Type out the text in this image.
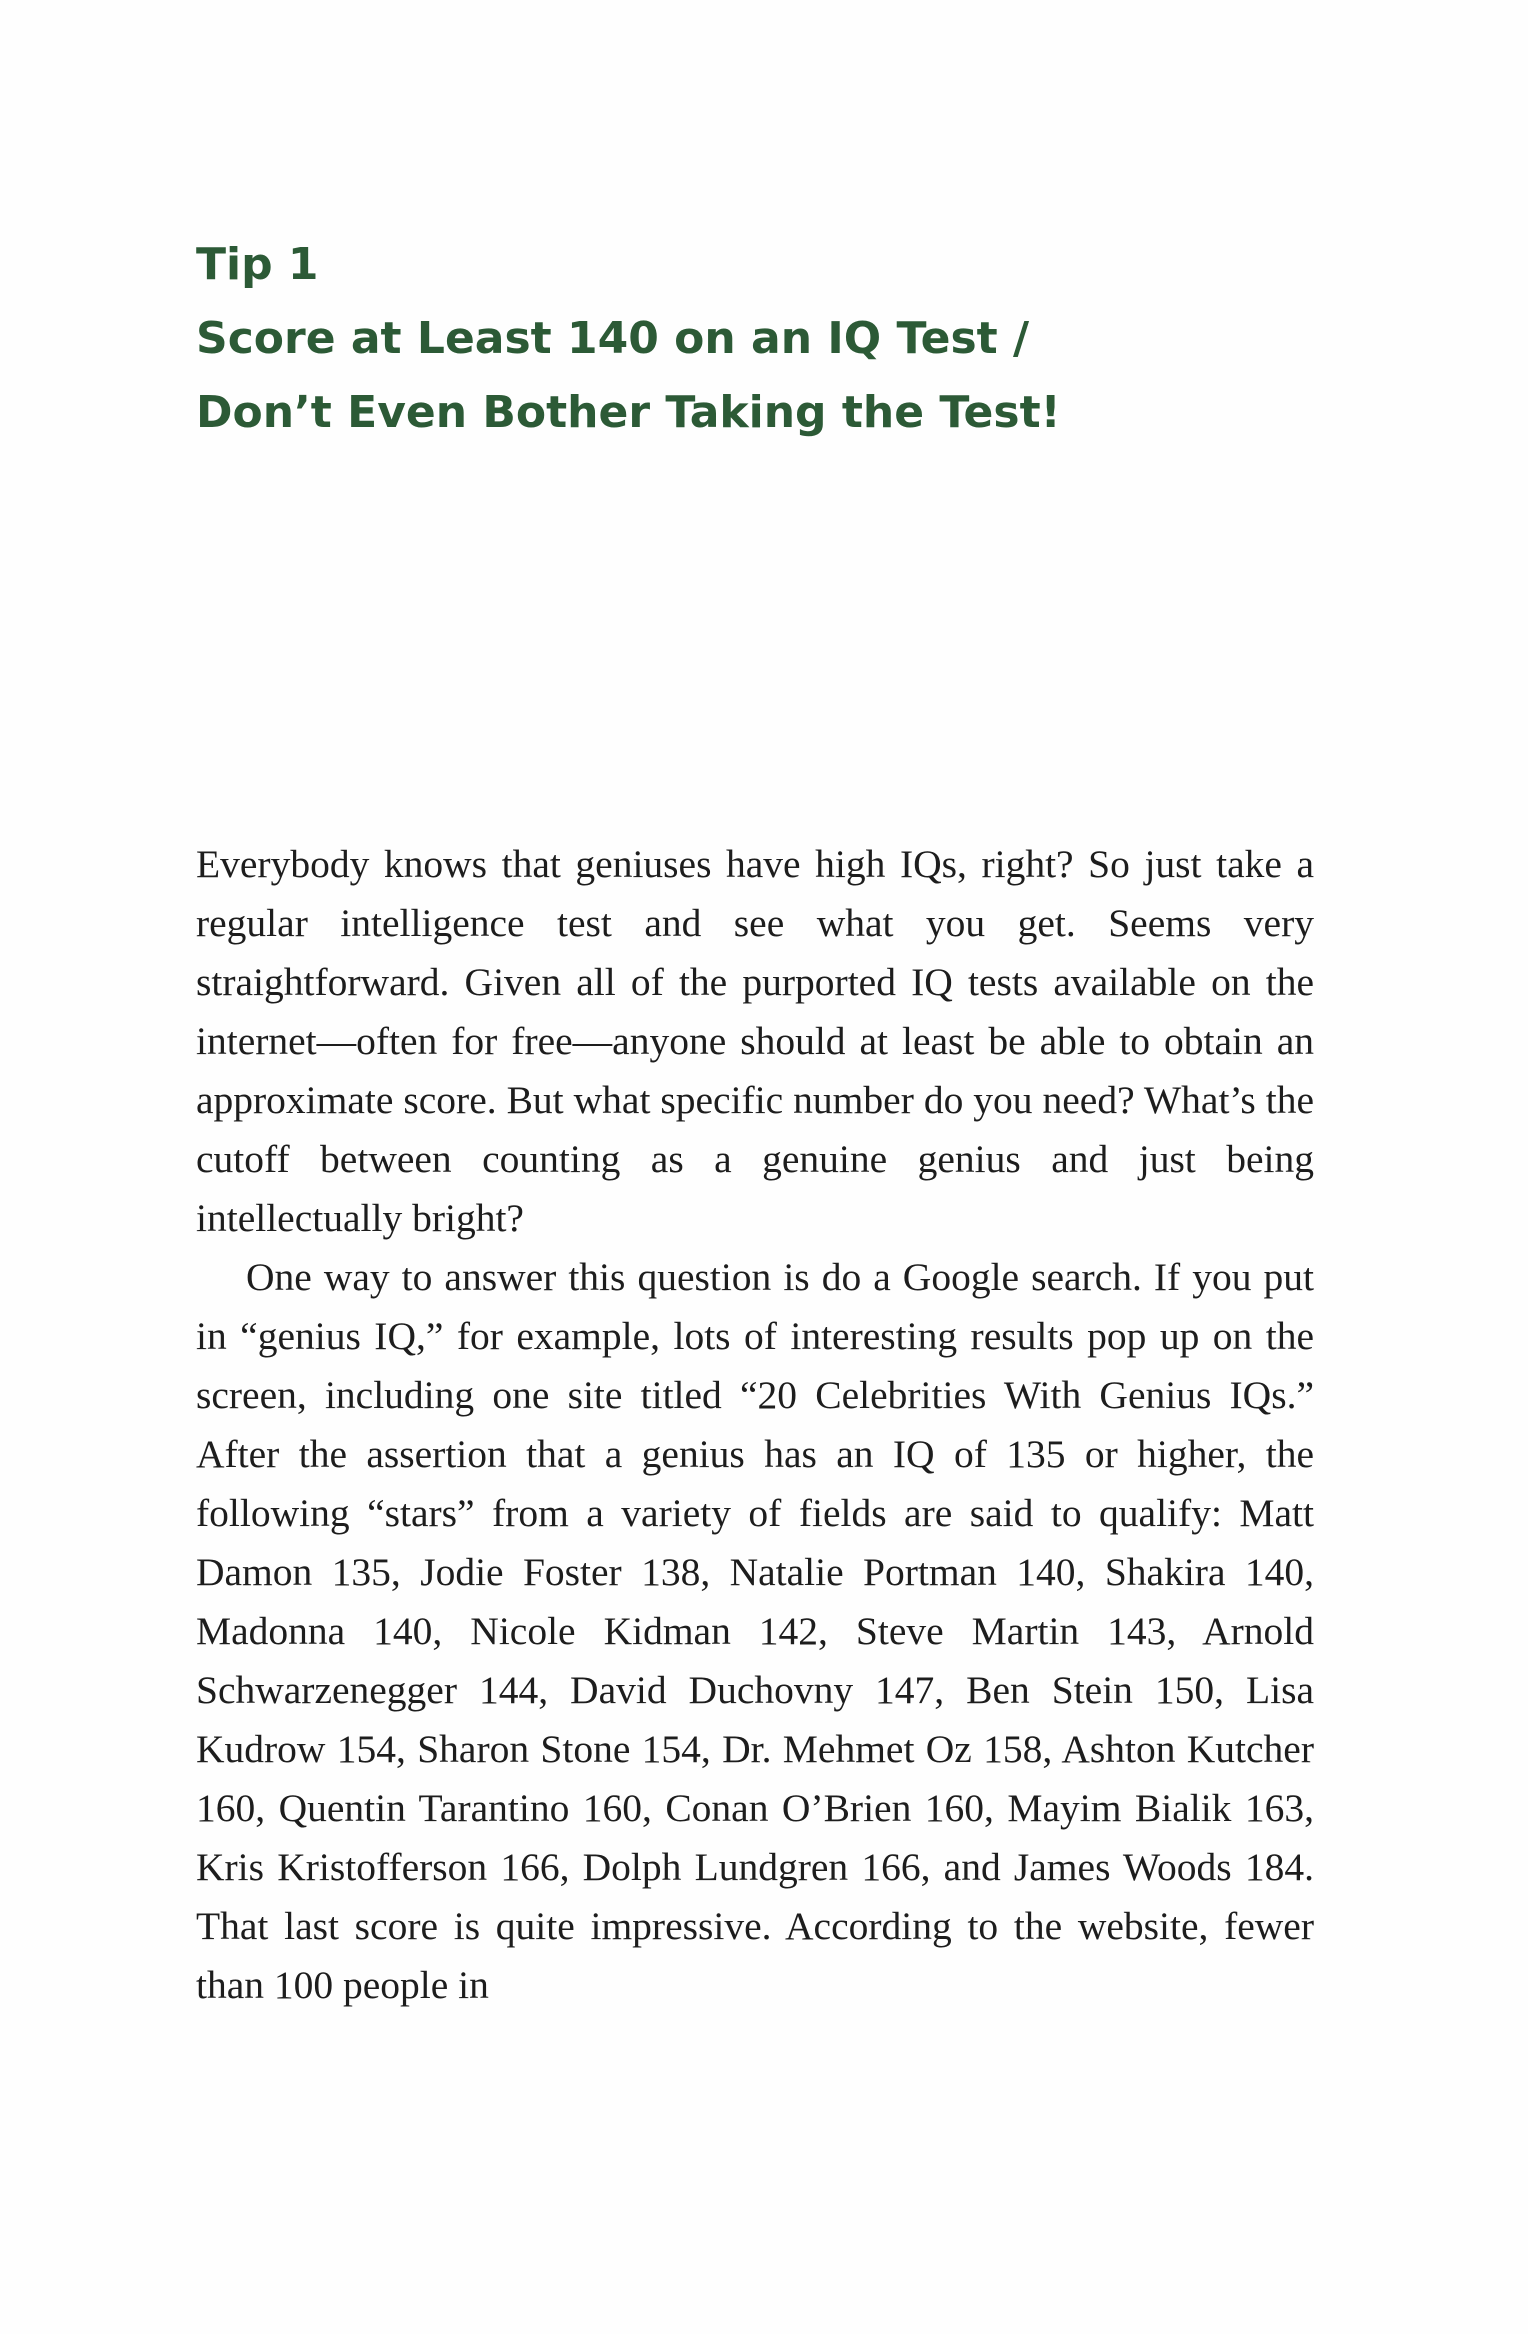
Tip 1
Score at Least 140 on an IQ Test /
Don’t Even Bother Taking the Test!

Everybody knows that geniuses have high IQs, right? So just take a regular intelligence test and see what you get. Seems very straightforward. Given all of the purported IQ tests available on the internet—often for free—anyone should at least be able to obtain an approximate score. But what specific number do you need? What’s the cutoff between counting as a genuine genius and just being intellectually bright?

One way to answer this question is do a Google search. If you put in “genius IQ,” for example, lots of interesting results pop up on the screen, including one site titled “20 Celebrities With Genius IQs.” After the assertion that a genius has an IQ of 135 or higher, the following “stars” from a variety of fields are said to qualify: Matt Damon 135, Jodie Foster 138, Natalie Portman 140, Shakira 140, Madonna 140, Nicole Kidman 142, Steve Martin 143, Arnold Schwarzenegger 144, David Duchovny 147, Ben Stein 150, Lisa Kudrow 154, Sharon Stone 154, Dr. Mehmet Oz 158, Ashton Kutcher 160, Quentin Tarantino 160, Conan O’Brien 160, Mayim Bialik 163, Kris Kristofferson 166, Dolph Lundgren 166, and James Woods 184. That last score is quite impressive. According to the website, fewer than 100 people in
